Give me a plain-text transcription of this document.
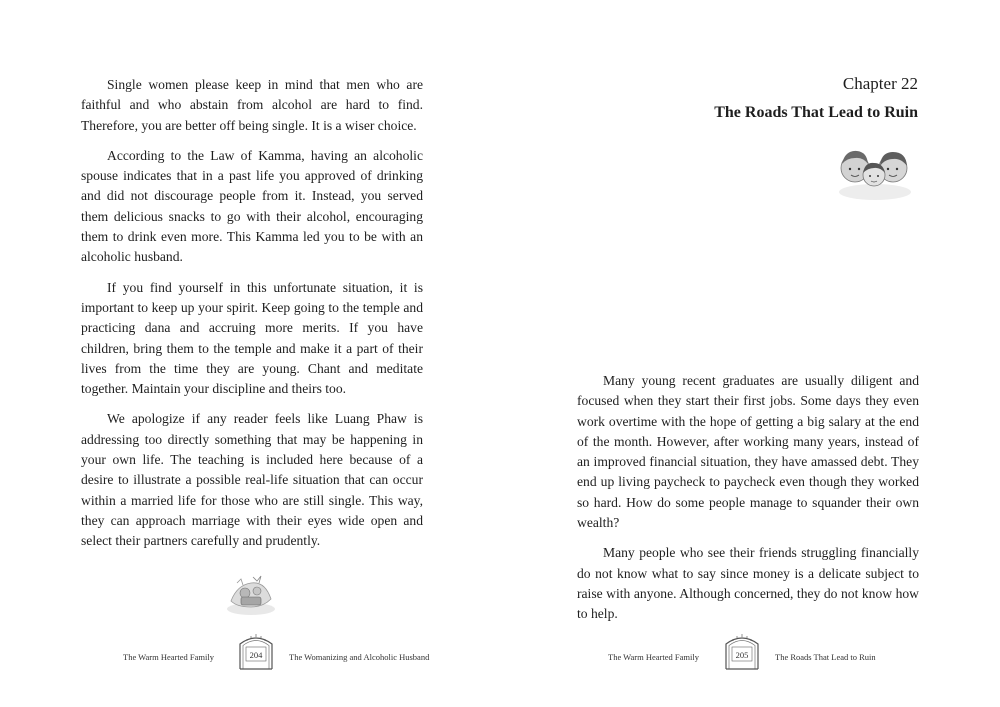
Single women please keep in mind that men who are faithful and who abstain from alcohol are hard to find. Therefore, you are better off being single. It is a wiser choice.

According to the Law of Kamma, having an alcoholic spouse indicates that in a past life you approved of drinking and did not discourage people from it. Instead, you served them delicious snacks to go with their alcohol, encouraging them to drink even more. This Kamma led you to be with an alcoholic husband.

If you find yourself in this unfortunate situation, it is important to keep up your spirit. Keep going to the temple and practicing dana and accruing more merits. If you have children, bring them to the temple and make it a part of their lives from the time they are young. Chant and meditate together. Maintain your discipline and theirs too.

We apologize if any reader feels like Luang Phaw is addressing too directly something that may be happening in your own life. The teaching is included here because of a desire to illustrate a possible real-life situation that can occur within a married life for those who are still single. This way, they can approach marriage with their eyes wide open and select their partners carefully and prudently.

The Warm Hearted Family	204	The Womanizing and Alcoholic Husband
Chapter 22
The Roads That Lead to Ruin

Many young recent graduates are usually diligent and focused when they start their first jobs. Some days they even work overtime with the hope of getting a big salary at the end of the month. However, after working many years, instead of an improved financial situation, they have amassed debt. They end up living paycheck to paycheck even though they worked so hard. How do some people manage to squander their own wealth?

Many people who see their friends struggling financially do not know what to say since money is a delicate subject to raise with anyone. Although concerned, they do not know how to help.

The Warm Hearted Family	205	The Roads That Lead to Ruin
